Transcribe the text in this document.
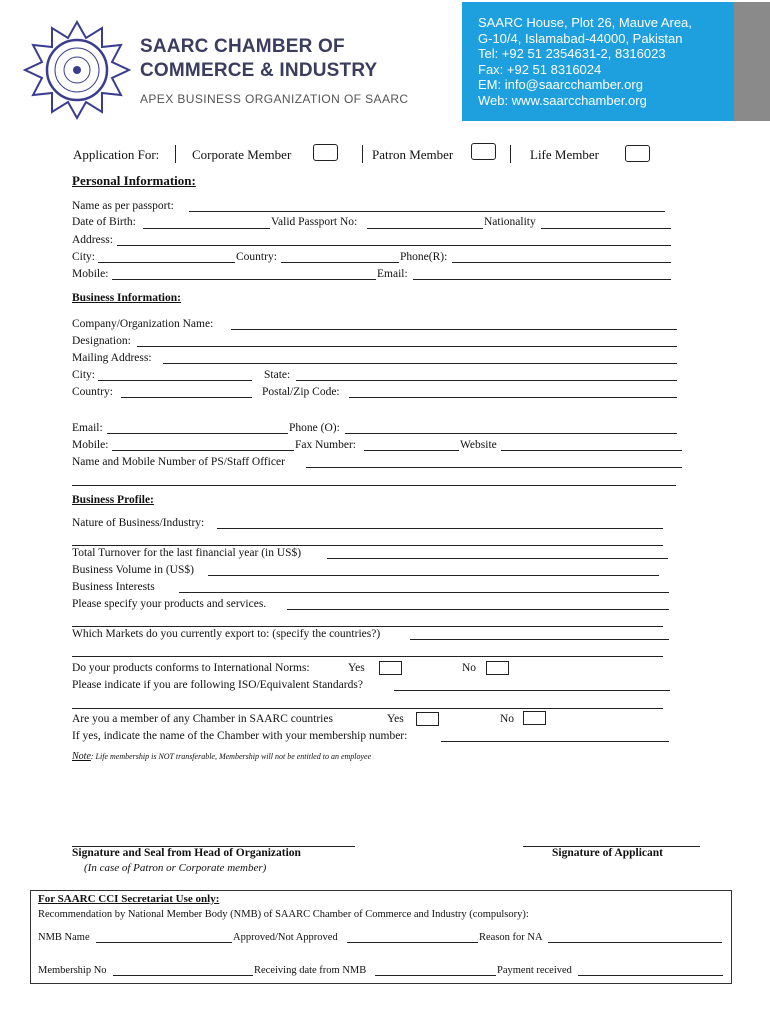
SAARC CHAMBER OF
COMMERCE & INDUSTRY
APEX BUSINESS ORGANIZATION OF SAARC
SAARC House, Plot 26, Mauve Area,
G-10/4, Islamabad-44000, Pakistan
Tel: +92 51 2354631-2, 8316023
Fax: +92 51 8316024
EM: info@saarcchamber.org
Web: www.saarcchamber.org
Application For:	Corporate Member	Patron Member	Life Member
Personal Information:
Name as per passport:
Date of Birth:	Valid Passport No:	Nationality
Address:
City:	Country:	Phone(R):
Mobile:	Email:
Business Information:
Company/Organization Name:
Designation:
Mailing Address:
City:	State:
Country:	Postal/Zip Code:
Email:	Phone (O):
Mobile:	Fax Number:	Website
Name and Mobile Number of PS/Staff Officer
Business Profile:
Nature of Business/Industry:
Total Turnover for the last financial year (in US$)
Business Volume in (US$)
Business Interests
Please specify your products and services.
Which Markets do you currently export to: (specify the countries?)
Do your products conforms to International Norms:	Yes	No
Please indicate if you are following ISO/Equivalent Standards?
Are you a member of any Chamber in SAARC countries	Yes	No
If yes, indicate the name of the Chamber with your membership number:
Note: Life membership is NOT transferable, Membership will not be entitled to an employee
Signature and Seal from Head of Organization
(In case of Patron or Corporate member)
Signature of Applicant
For SAARC CCI Secretariat Use only:
Recommendation by National Member Body (NMB) of SAARC Chamber of Commerce and Industry (compulsory):
NMB Name	Approved/Not Approved	Reason for NA
Membership No	Receiving date from NMB	Payment received
